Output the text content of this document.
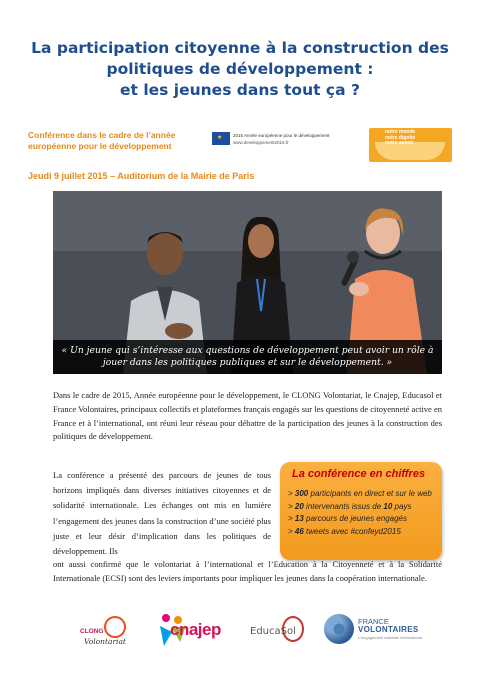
La participation citoyenne à la construction des
politiques de développement :
et les jeunes dans tout ça ?
Conférence dans le cadre de l’année
européenne pour le développement
★ 2015 Année européenne pour le développement
www.developpement2015.fr
notre monde
notre dignité
notre avenir
Jeudi 9 juillet 2015 – Auditorium de la Mairie de Paris
« Un jeune qui s’intéresse aux questions de développement peut avoir un rôle à jouer dans les politiques publiques et sur le développement. »

Dans le cadre de 2015, Année européenne pour le développement, le CLONG Volontariat, le Cnajep, Educasol et France Volontaires, principaux collectifs et plateformes français engagés sur les questions de citoyenneté active en France et à l’international, ont réuni leur réseau pour débattre de la participation des jeunes à la construction des politiques de développement.

La conférence a présenté des parcours de jeunes de tous horizons impliqués dans diverses initiatives citoyennes et de solidarité internationale. Les échanges ont mis en lumière l’engagement des jeunes dans la construction d’une société plus juste et leur désir d’implication dans les politiques de développement. Ils

La conférence en chiffres
> 300 participants en direct et sur le web
> 20 intervenants issus de 10 pays
> 13 parcours de jeunes engagés
> 46 tweets avec #confeyd2015

ont aussi confirmé que le volontariat à l’international et l’Education à la Citoyenneté et à la Solidarité Internationale (ECSI) sont des leviers importants pour impliquer les jeunes dans la coopération internationale.

CLONG
Volontariat
cnajep	EducaSol
FRANCE
VOLONTAIRES
L’engagement solidaire international
